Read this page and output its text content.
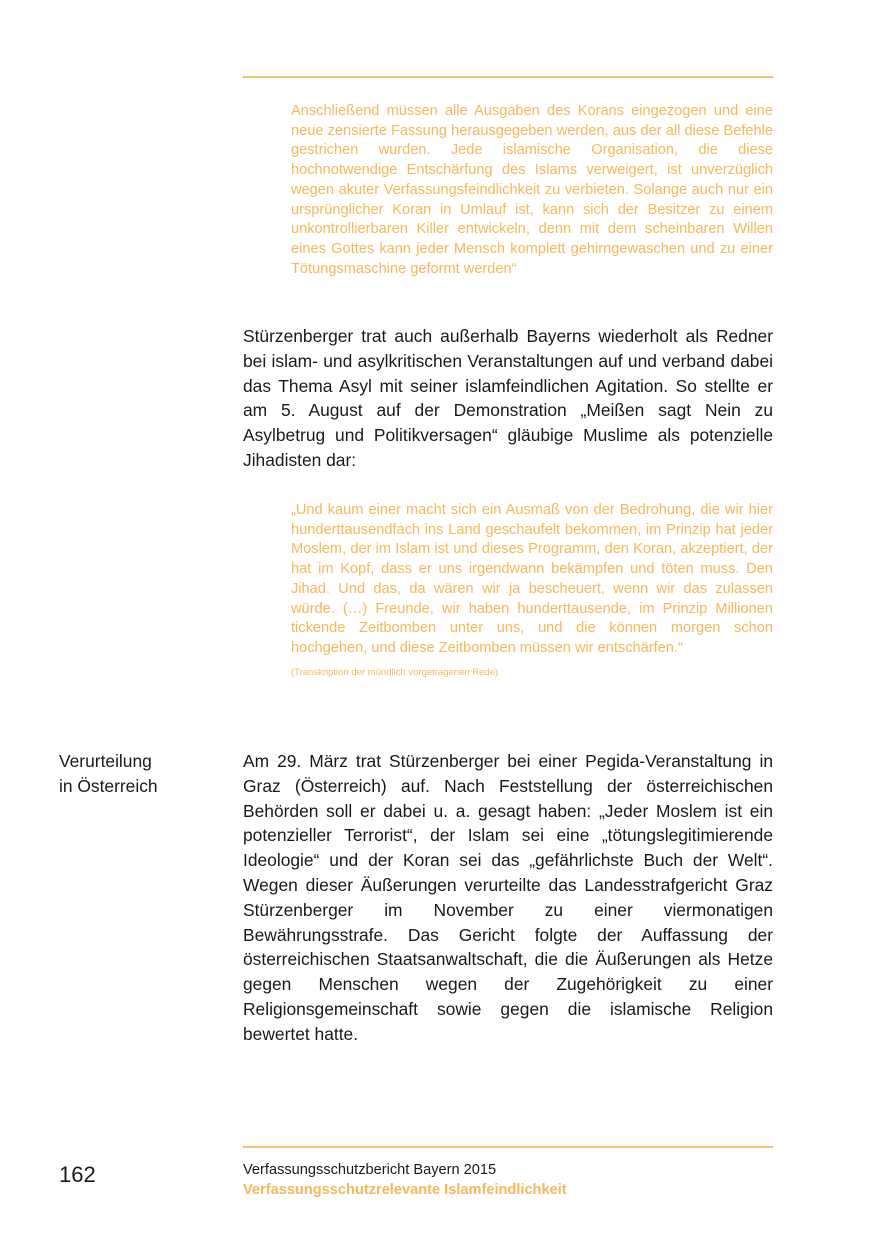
Anschließend müssen alle Ausgaben des Korans eingezogen und eine neue zensierte Fassung herausgegeben werden, aus der all diese Befehle gestrichen wurden. Jede islamische Organisation, die diese hochnotwendige Entschärfung des Islams verweigert, ist unverzüglich wegen akuter Verfassungsfeindlichkeit zu verbieten. Solange auch nur ein ursprünglicher Koran in Umlauf ist, kann sich der Besitzer zu einem unkontrollierbaren Killer entwickeln, denn mit dem scheinbaren Willen eines Gottes kann jeder Mensch komplett gehirngewaschen und zu einer Tötungsmaschine geformt werden“

Stürzenberger trat auch außerhalb Bayerns wiederholt als Redner bei islam- und asylkritischen Veranstaltungen auf und verband dabei das Thema Asyl mit seiner islamfeindlichen Agitation. So stellte er am 5. August auf der Demonstration „Meißen sagt Nein zu Asylbetrug und Politikversagen“ gläubige Muslime als potenzielle Jihadisten dar:

„Und kaum einer macht sich ein Ausmaß von der Bedrohung, die wir hier hunderttausendfach ins Land geschaufelt bekommen, im Prinzip hat jeder Moslem, der im Islam ist und dieses Programm, den Koran, akzeptiert, der hat im Kopf, dass er uns irgendwann bekämpfen und töten muss. Den Jihad. Und das, da wären wir ja bescheuert, wenn wir das zulassen würde. (…) Freunde, wir haben hunderttausende, im Prinzip Millionen tickende Zeitbomben unter uns, und die können morgen schon hochgehen, und diese Zeitbomben müssen wir entschärfen.“

(Transkription der mündlich vorgetragenen Rede)
Verurteilung
in Österreich

Am 29. März trat Stürzenberger bei einer Pegida-Veranstaltung in Graz (Österreich) auf. Nach Feststellung der österreichischen Behörden soll er dabei u. a. gesagt haben: „Jeder Moslem ist ein potenzieller Terrorist“, der Islam sei eine „tötungslegitimierende Ideologie“ und der Koran sei das „gefährlichste Buch der Welt“. Wegen dieser Äußerungen verurteilte das Landesstrafgericht Graz Stürzenberger im November zu einer viermonatigen Bewährungsstrafe. Das Gericht folgte der Auffassung der österreichischen Staatsanwaltschaft, die die Äußerungen als Hetze gegen Menschen wegen der Zugehörigkeit zu einer Religionsgemeinschaft sowie gegen die islamische Religion bewertet hatte.

162	Verfassungsschutzbericht Bayern 2015
Verfassungsschutzrelevante Islamfeindlichkeit
